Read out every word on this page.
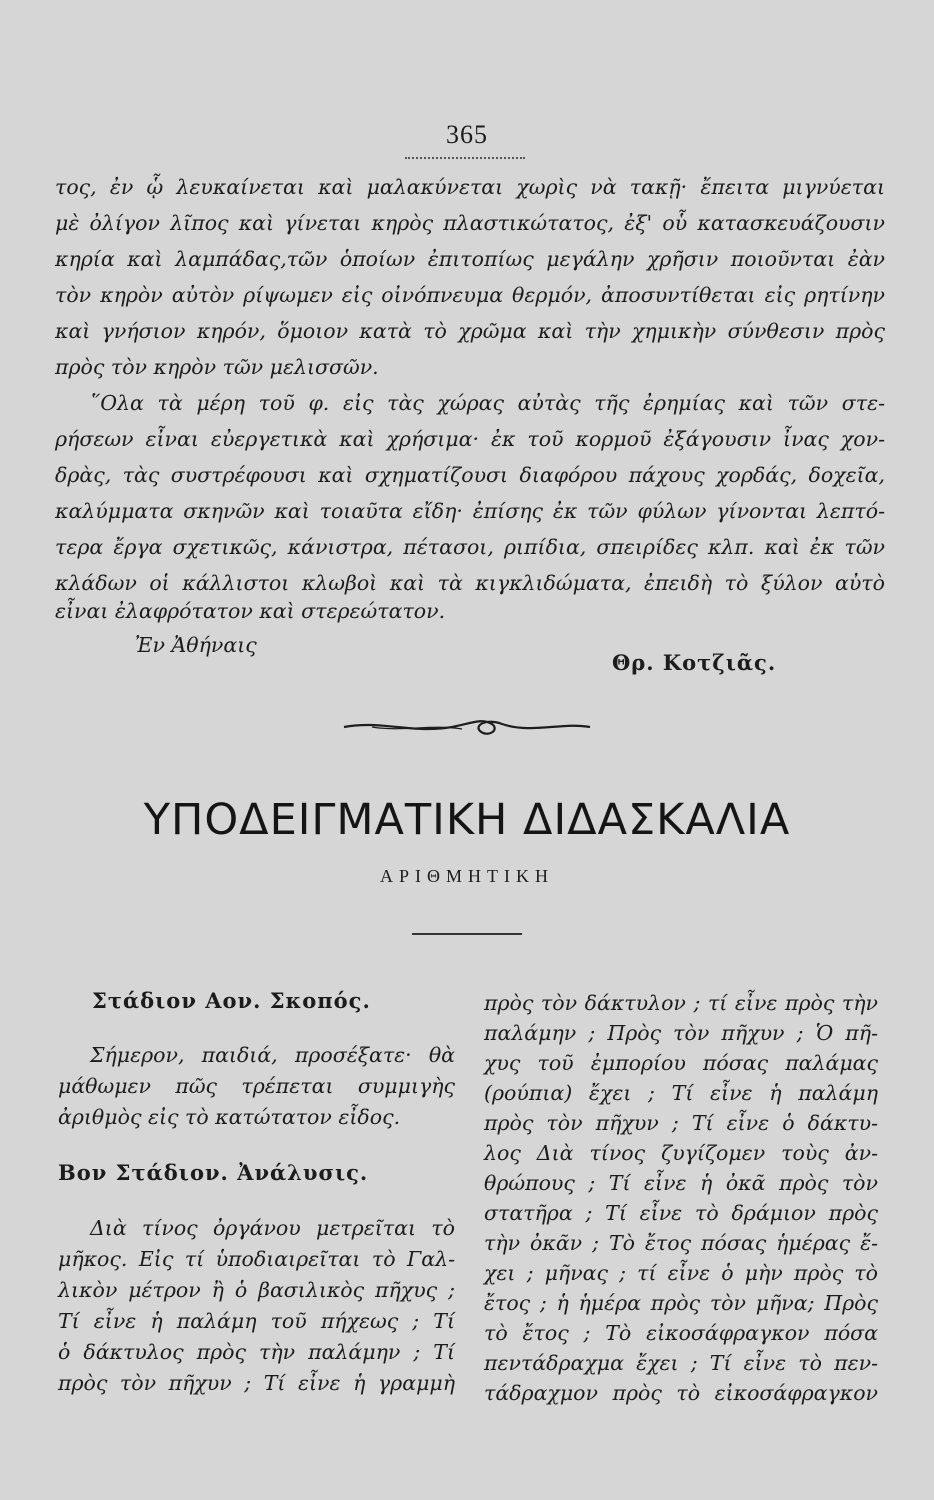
365
τος, ἐν ᾧ λευκαίνεται καὶ μαλακύνεται χωρὶς νὰ τακῇ· ἔπειτα μιγνύεται
μὲ ὀλίγον λῖπος καὶ γίνεται κηρὸς πλαστικώτατος, ἐξ' οὗ κατασκευάζουσιν
κηρία καὶ λαμπάδας,τῶν ὁποίων ἐπιτοπίως μεγάλην χρῆσιν ποιοῦνται ἐὰν
τὸν κηρὸν αὐτὸν ρίψωμεν εἰς οἰνόπνευμα θερμόν, ἀποσυντίθεται εἰς ρητίνην
καὶ γνήσιον κηρόν, ὅμοιον κατὰ τὸ χρῶμα καὶ τὴν χημικὴν σύνθεσιν πρὸς
πρὸς τὸν κηρὸν τῶν μελισσῶν.
῞Ολα τὰ μέρη τοῦ φ. εἰς τὰς χώρας αὐτὰς τῆς ἐρημίας καὶ τῶν στε-
ρήσεων εἶναι εὐεργετικὰ καὶ χρήσιμα· ἐκ τοῦ κορμοῦ ἐξάγουσιν ἶνας χον-
δρὰς, τὰς συστρέφουσι καὶ σχηματίζουσι διαφόρου πάχους χορδάς, δοχεῖα,
καλύμματα σκηνῶν καὶ τοιαῦτα εἴδη· ἐπίσης ἐκ τῶν φύλων γίνονται λεπτό-
τερα ἔργα σχετικῶς, κάνιστρα, πέτασοι, ριπίδια, σπειρίδες κλπ. καὶ ἐκ τῶν
κλάδων οἱ κάλλιστοι κλωβοὶ καὶ τὰ κιγκλιδώματα, ἐπειδὴ τὸ ξύλον αὐτὸ
εἶναι ἐλαφρότατον καὶ στερεώτατον.
Ἐν Ἀθήναις
Θρ. Κοτζιᾶς.
ΥΠΟΔΕΙΓΜΑΤΙΚΗ ΔΙΔΑΣΚΑΛΙΑ
ΑΡΙΘΜΗΤΙΚΗ
Στάδιον Αον. Σκοπός.
Σήμερον, παιδιά, προσέξατε· θὰ
μάθωμεν πῶς τρέπεται συμμιγὴς
ἀριθμὸς εἰς τὸ κατώτατον εἶδος.
Βον Στάδιον. Ἀνάλυσις.
Διὰ τίνος ὀργάνου μετρεῖται τὸ
μῆκος. Εἰς τί ὑποδιαιρεῖται τὸ Γαλ-
λικὸν μέτρον ἢ ὁ βασιλικὸς πῆχυς ;
Τί εἶνε ἡ παλάμη τοῦ πήχεως ; Τί
ὁ δάκτυλος πρὸς τὴν παλάμην ; Τί
πρὸς τὸν πῆχυν ; Τί εἶνε ἡ γραμμὴ
πρὸς τὸν δάκτυλον ; τί εἶνε πρὸς τὴν
παλάμην ; Πρὸς τὸν πῆχυν ; Ὁ πῆ-
χυς τοῦ ἐμπορίου πόσας παλάμας
(ρούπια) ἔχει ; Τί εἶνε ἡ παλάμη
πρὸς τὸν πῆχυν ; Τί εἶνε ὁ δάκτυ-
λος Διὰ τίνος ζυγίζομεν τοὺς ἀν-
θρώπους ; Τί εἶνε ἡ ὀκᾶ πρὸς τὸν
στατῆρα ; Τί εἶνε τὸ δράμιον πρὸς
τὴν ὀκᾶν ; Τὸ ἔτος πόσας ἡμέρας ἔ-
χει ; μῆνας ; τί εἶνε ὁ μὴν πρὸς τὸ
ἔτος ; ἡ ἡμέρα πρὸς τὸν μῆνα; Πρὸς
τὸ ἔτος ; Τὸ εἰκοσάφραγκον πόσα
πεντάδραχμα ἔχει ; Τί εἶνε τὸ πεν-
τάδραχμον πρὸς τὸ εἰκοσάφραγκον
